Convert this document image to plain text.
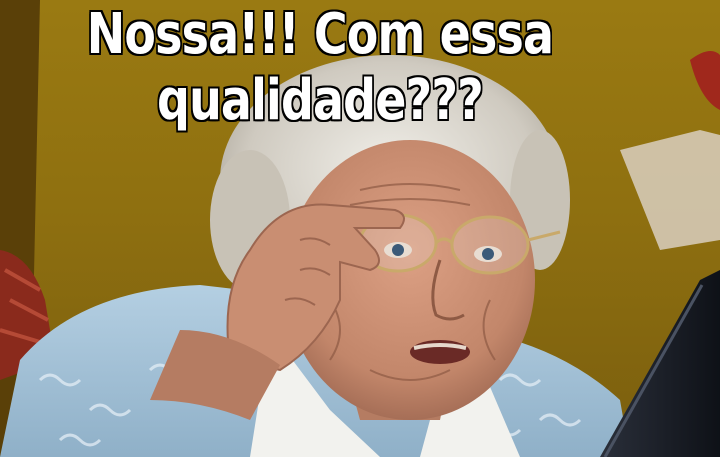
Nossa!!! Com essa
qualidade???
